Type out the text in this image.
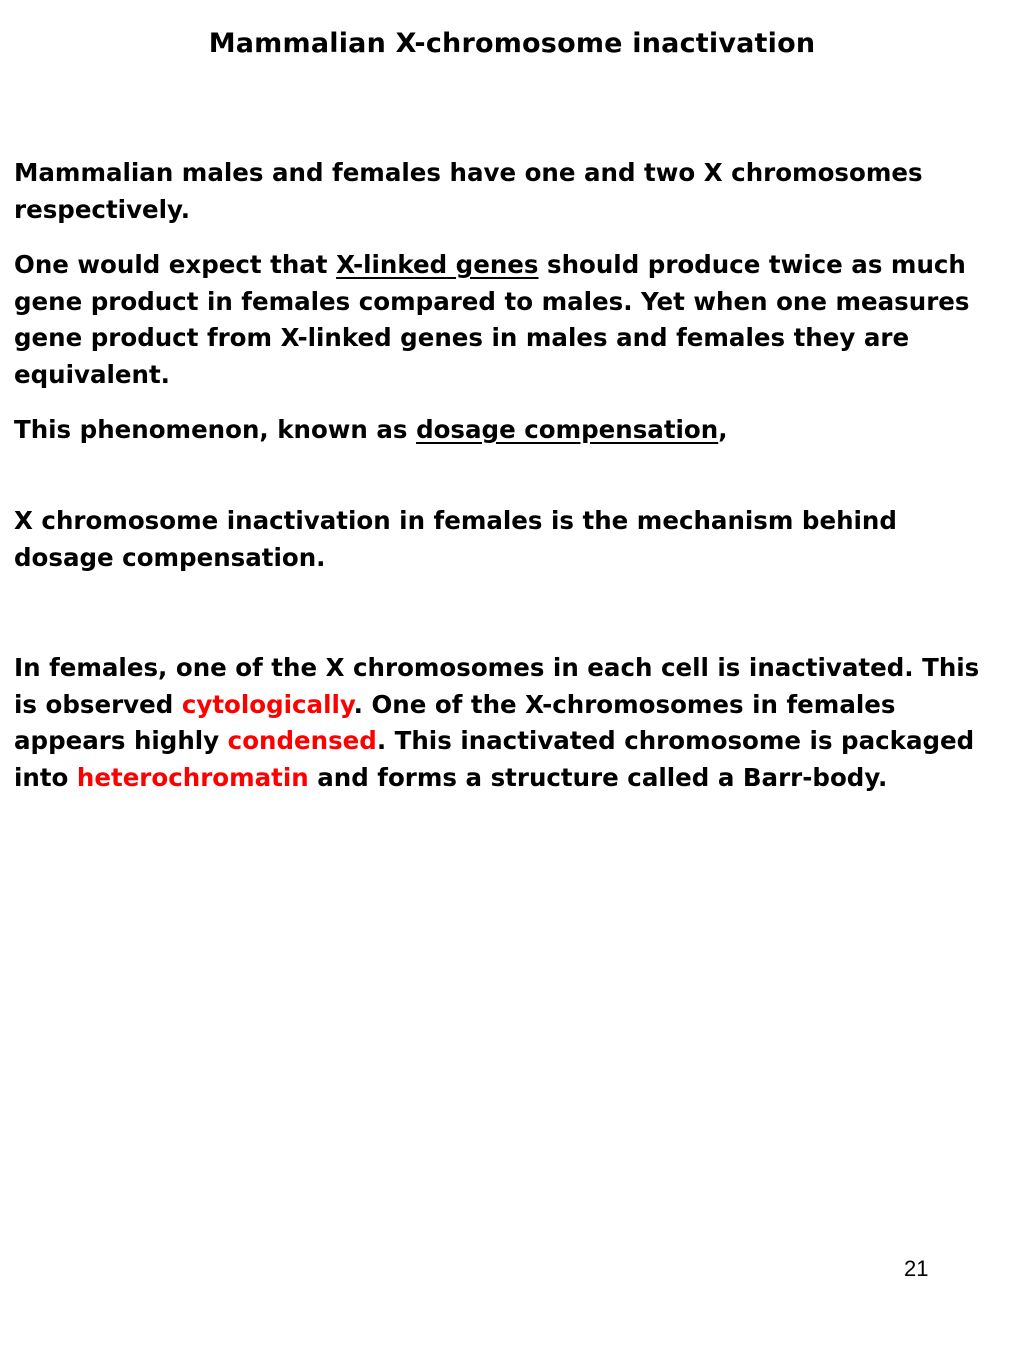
Mammalian X-chromosome inactivation

Mammalian males and females have one and two X chromosomes respectively.

One would expect that X-linked genes should produce twice as much gene product in females compared to males. Yet when one measures gene product from X-linked genes in males and females they are equivalent.

This phenomenon, known as dosage compensation,

X chromosome inactivation in females is the mechanism behind dosage compensation.

In females, one of the X chromosomes in each cell is inactivated. This is observed cytologically. One of the X-chromosomes in females appears highly condensed. This inactivated chromosome is packaged into heterochromatin and forms a structure called a Barr-body.

21
